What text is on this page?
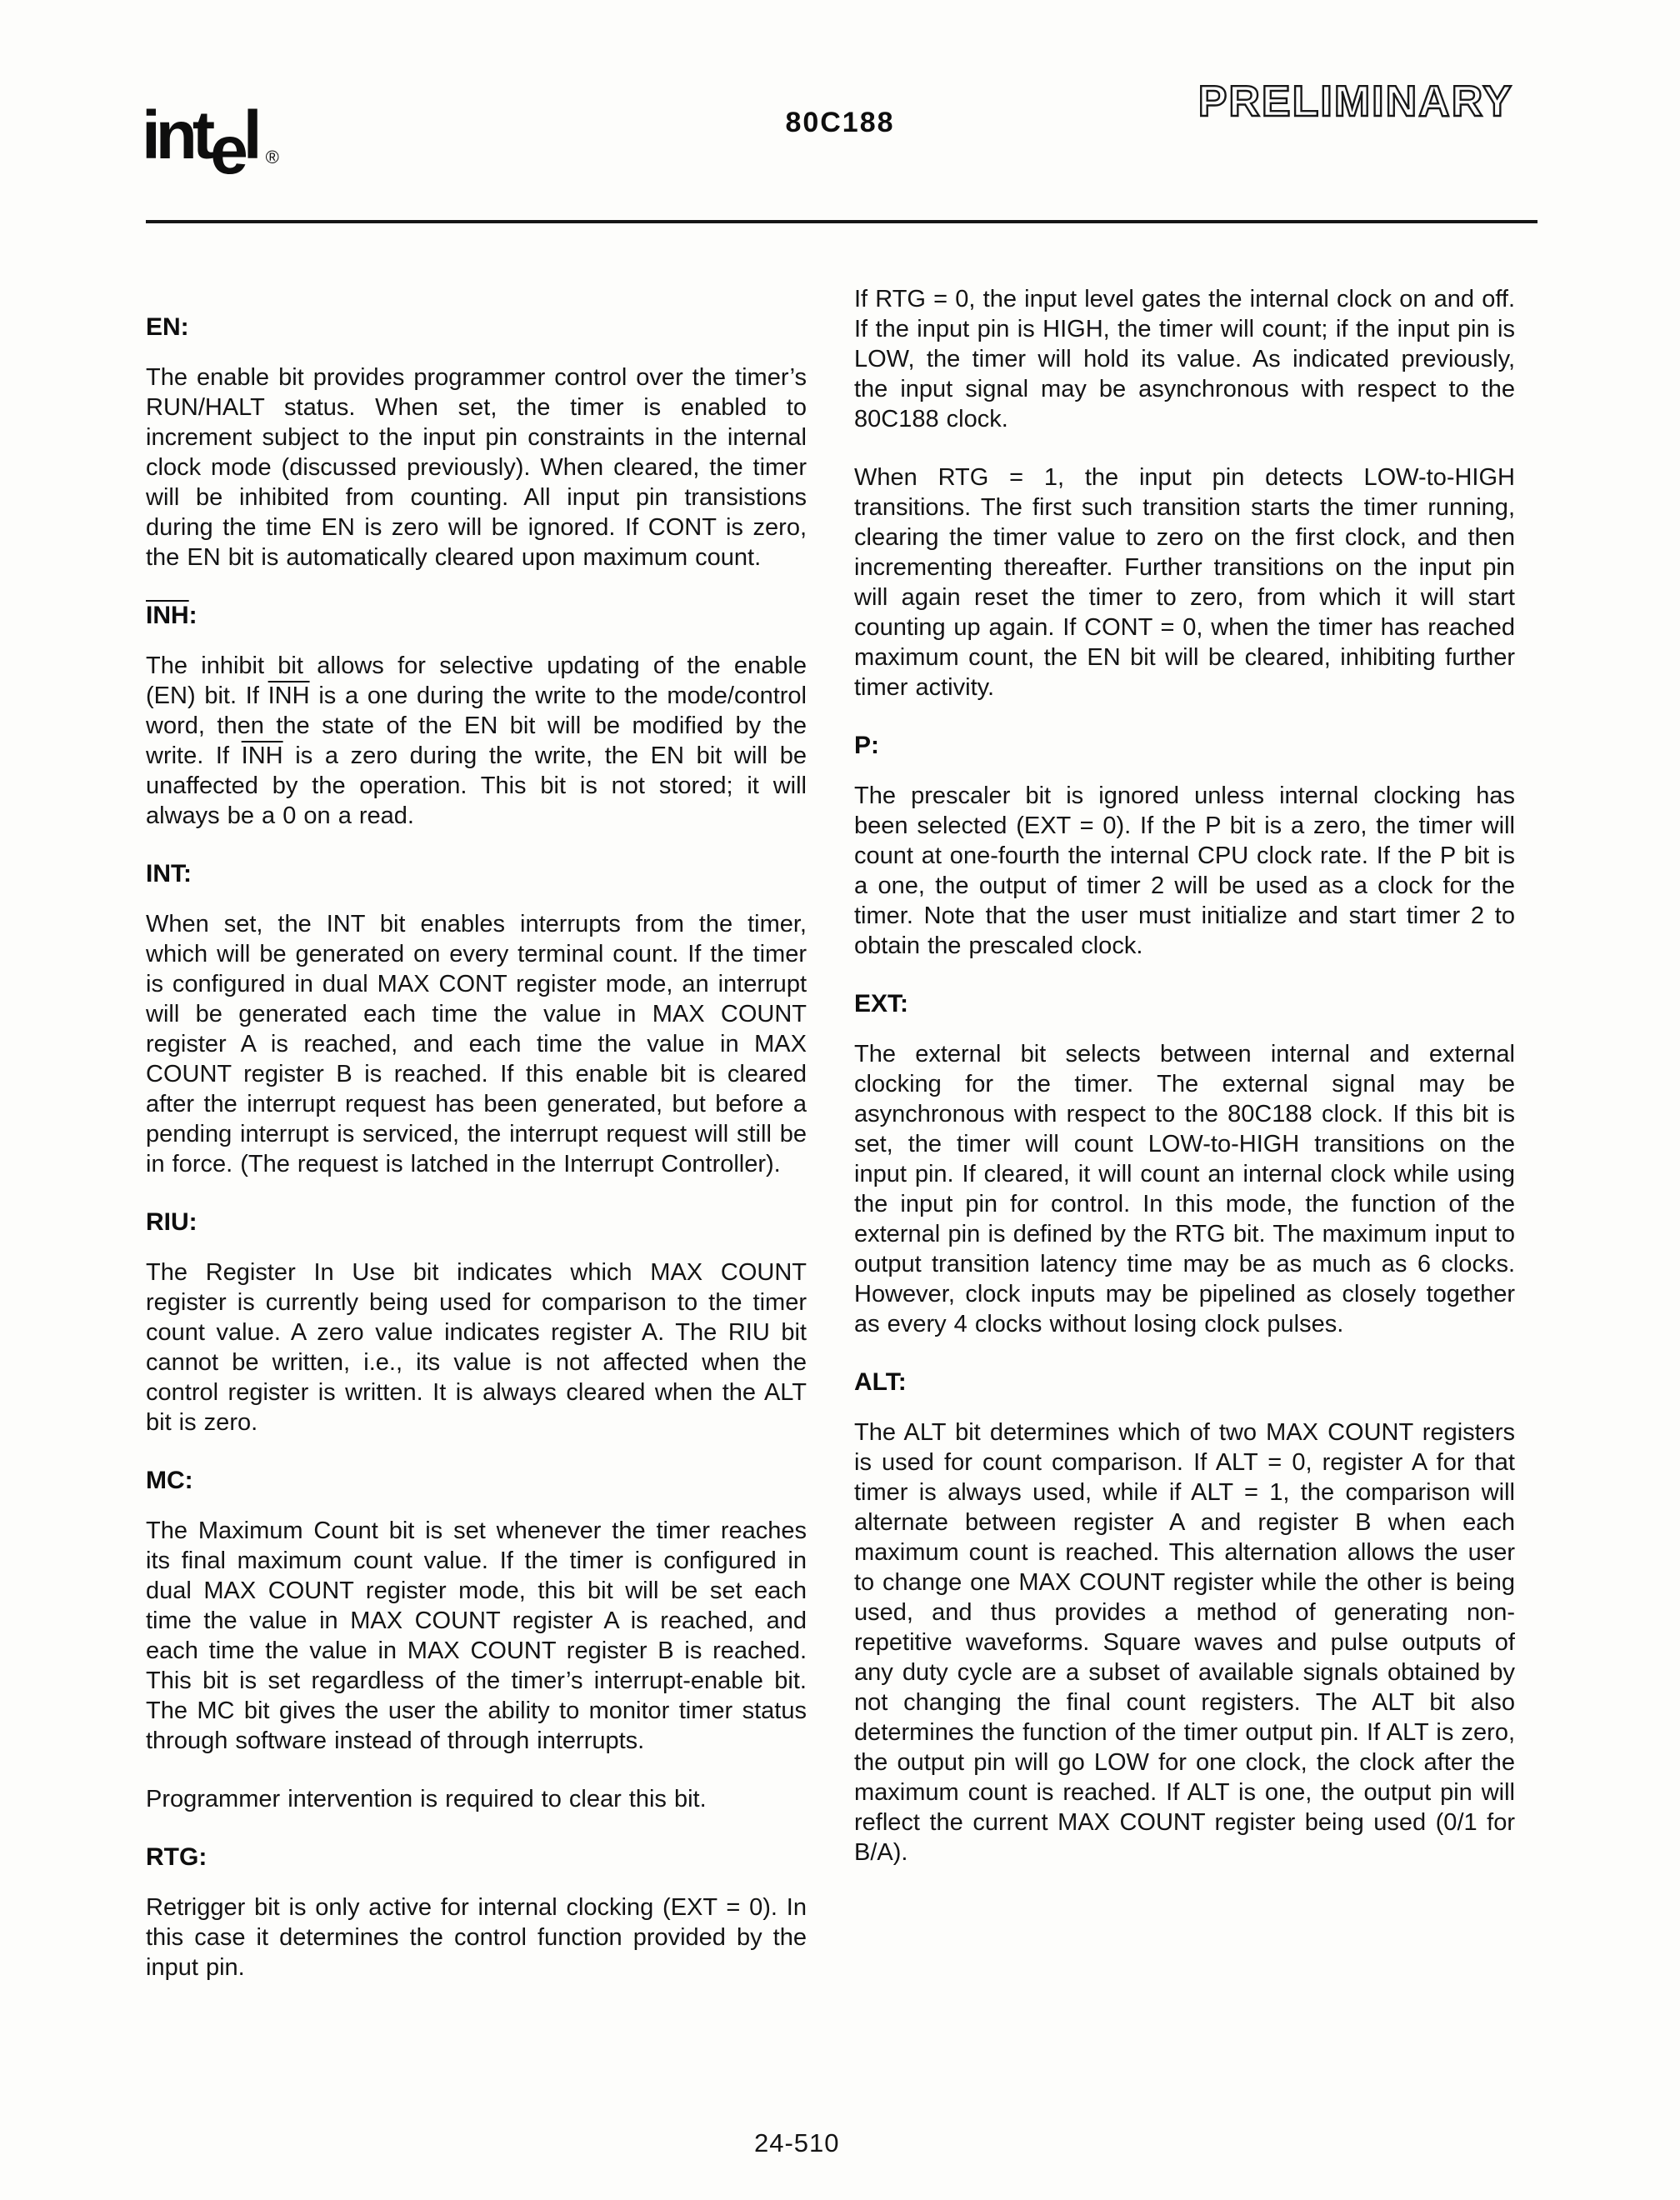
intel ®
80C188	PRELIMINARY
EN:

The enable bit provides programmer control over the timer’s RUN/HALT status. When set, the timer is enabled to increment subject to the input pin constraints in the internal clock mode (discussed previously). When cleared, the timer will be inhibited from counting. All input pin transistions during the time EN is zero will be ignored. If CONT is zero, the EN bit is automatically cleared upon maximum count.

INH:

The inhibit bit allows for selective updating of the enable (EN) bit. If $\overline{INH}$ is a one during the write to the mode/control word, then the state of the EN bit will be modified by the write. If $\overline{INH}$ is a zero during the write, the EN bit will be unaffected by the operation. This bit is not stored; it will always be a 0 on a read.

INT:

When set, the INT bit enables interrupts from the timer, which will be generated on every terminal count. If the timer is configured in dual MAX CONT register mode, an interrupt will be generated each time the value in MAX COUNT register A is reached, and each time the value in MAX COUNT register B is reached. If this enable bit is cleared after the interrupt request has been generated, but before a pending interrupt is serviced, the interrupt request will still be in force. (The request is latched in the Interrupt Controller).

RIU:

The Register In Use bit indicates which MAX COUNT register is currently being used for comparison to the timer count value. A zero value indicates register A. The RIU bit cannot be written, i.e., its value is not affected when the control register is written. It is always cleared when the ALT bit is zero.

MC:

The Maximum Count bit is set whenever the timer reaches its final maximum count value. If the timer is configured in dual MAX COUNT register mode, this bit will be set each time the value in MAX COUNT register A is reached, and each time the value in MAX COUNT register B is reached. This bit is set regardless of the timer’s interrupt-enable bit. The MC bit gives the user the ability to monitor timer status through software instead of through interrupts.

Programmer intervention is required to clear this bit.

RTG:

Retrigger bit is only active for internal clocking (EXT = 0). In this case it determines the control function provided by the input pin.

If RTG = 0, the input level gates the internal clock on and off. If the input pin is HIGH, the timer will count; if the input pin is LOW, the timer will hold its value. As indicated previously, the input signal may be asynchronous with respect to the 80C188 clock.

When RTG = 1, the input pin detects LOW-to-HIGH transitions. The first such transition starts the timer running, clearing the timer value to zero on the first clock, and then incrementing thereafter. Further transitions on the input pin will again reset the timer to zero, from which it will start counting up again. If CONT = 0, when the timer has reached maximum count, the EN bit will be cleared, inhibiting further timer activity.

P:

The prescaler bit is ignored unless internal clocking has been selected (EXT = 0). If the P bit is a zero, the timer will count at one-fourth the internal CPU clock rate. If the P bit is a one, the output of timer 2 will be used as a clock for the timer. Note that the user must initialize and start timer 2 to obtain the prescaled clock.

EXT:

The external bit selects between internal and external clocking for the timer. The external signal may be asynchronous with respect to the 80C188 clock. If this bit is set, the timer will count LOW-to-HIGH transitions on the input pin. If cleared, it will count an internal clock while using the input pin for control. In this mode, the function of the external pin is defined by the RTG bit. The maximum input to output transition latency time may be as much as 6 clocks. However, clock inputs may be pipelined as closely together as every 4 clocks without losing clock pulses.

ALT:

The ALT bit determines which of two MAX COUNT registers is used for count comparison. If ALT = 0, register A for that timer is always used, while if ALT = 1, the comparison will alternate between register A and register B when each maximum count is reached. This alternation allows the user to change one MAX COUNT register while the other is being used, and thus provides a method of generating non-repetitive waveforms. Square waves and pulse outputs of any duty cycle are a subset of available signals obtained by not changing the final count registers. The ALT bit also determines the function of the timer output pin. If ALT is zero, the output pin will go LOW for one clock, the clock after the maximum count is reached. If ALT is one, the output pin will reflect the current MAX COUNT register being used (0/1 for B/A).

24-510
